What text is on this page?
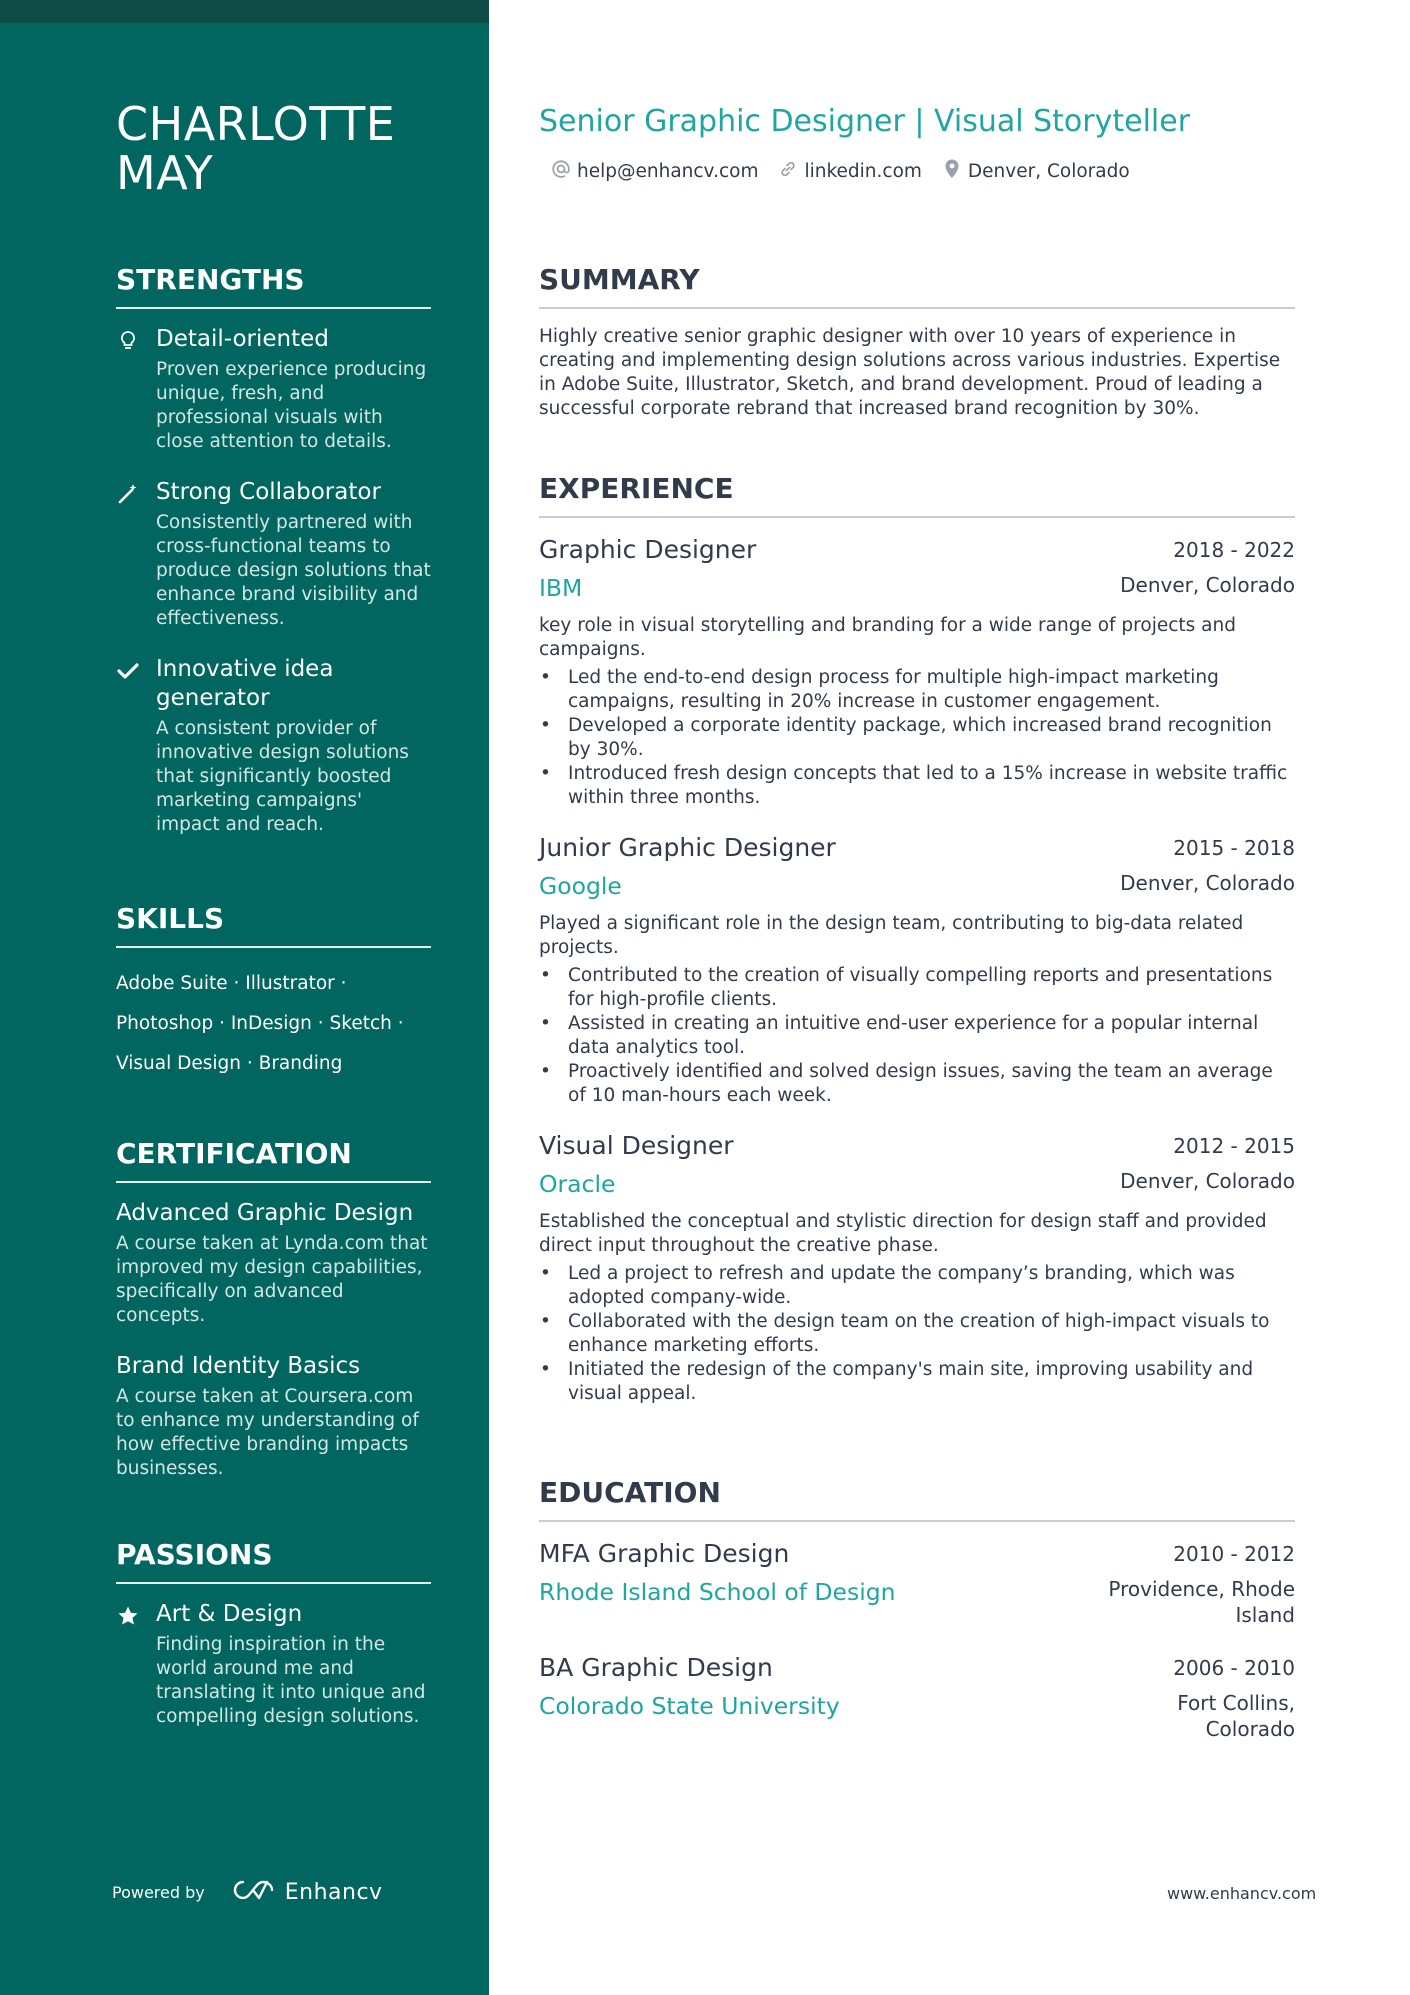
CHARLOTTE MAY
STRENGTHS
Detail-oriented
Proven experience producing unique, fresh, and professional visuals with close attention to details.
Strong Collaborator
Consistently partnered with cross-functional teams to produce design solutions that enhance brand visibility and effectiveness.
Innovative idea generator
A consistent provider of innovative design solutions that significantly boosted marketing campaigns' impact and reach.
SKILLS
Adobe Suite · Illustrator ·
Photoshop · InDesign · Sketch ·
Visual Design · Branding
CERTIFICATION
Advanced Graphic Design
A course taken at Lynda.com that improved my design capabilities, specifically on advanced concepts.
Brand Identity Basics
A course taken at Coursera.com to enhance my understanding of how effective branding impacts businesses.
PASSIONS
Art & Design
Finding inspiration in the world around me and translating it into unique and compelling design solutions.
Powered by	Enhancv
Senior Graphic Designer | Visual Storyteller
help@enhancv.com linkedin.com Denver, Colorado
SUMMARY

Highly creative senior graphic designer with over 10 years of experience in creating and implementing design solutions across various industries. Expertise in Adobe Suite, Illustrator, Sketch, and brand development. Proud of leading a successful corporate rebrand that increased brand recognition by 30%.

EXPERIENCE
Graphic Designer	2018 - 2022
IBM	Denver, Colorado

key role in visual storytelling and branding for a wide range of projects and campaigns.

• Led the end-to-end design process for multiple high-impact marketing campaigns, resulting in 20% increase in customer engagement.
• Developed a corporate identity package, which increased brand recognition by 30%.
• Introduced fresh design concepts that led to a 15% increase in website traffic within three months.
Junior Graphic Designer	2015 - 2018
Google	Denver, Colorado

Played a significant role in the design team, contributing to big-data related projects.

• Contributed to the creation of visually compelling reports and presentations for high-profile clients.
• Assisted in creating an intuitive end-user experience for a popular internal data analytics tool.
• Proactively identified and solved design issues, saving the team an average of 10 man-hours each week.
Visual Designer	2012 - 2015
Oracle	Denver, Colorado

Established the conceptual and stylistic direction for design staff and provided direct input throughout the creative phase.

• Led a project to refresh and update the company’s branding, which was adopted company-wide.
• Collaborated with the design team on the creation of high-impact visuals to enhance marketing efforts.
• Initiated the redesign of the company's main site, improving usability and visual appeal.
EDUCATION
MFA Graphic Design	2010 - 2012
Rhode Island School of Design	Providence, Rhode
Island
BA Graphic Design	2006 - 2010
Colorado State University	Fort Collins,
Colorado
www.enhancv.com
